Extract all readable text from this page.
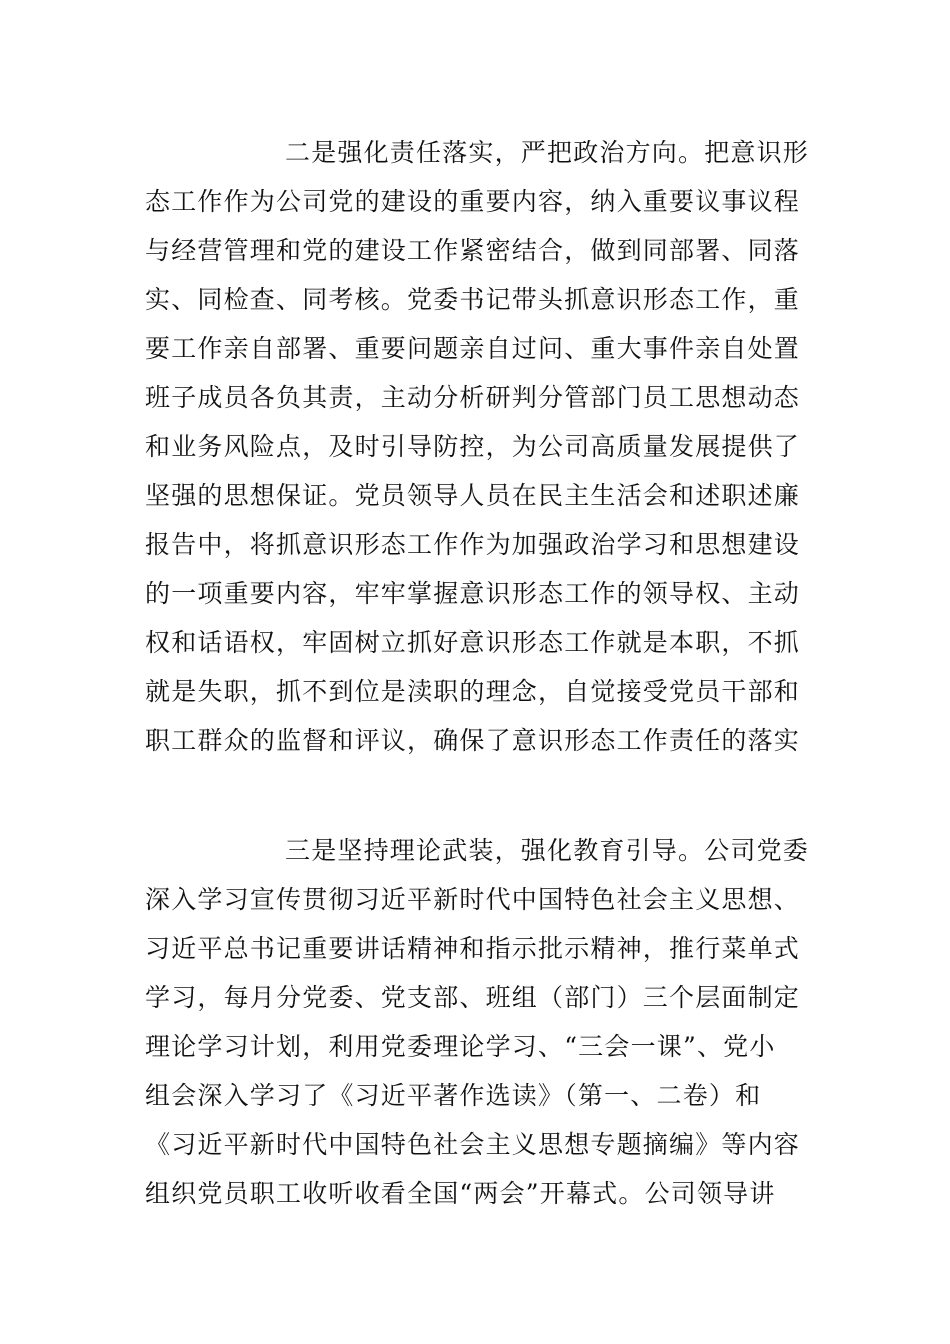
二是强化责任落实，严把政治方向。把意识形
态工作作为公司党的建设的重要内容，纳入重要议事议程
与经营管理和党的建设工作紧密结合，做到同部署、同落
实、同检查、同考核。党委书记带头抓意识形态工作，重
要工作亲自部署、重要问题亲自过问、重大事件亲自处置
班子成员各负其责，主动分析研判分管部门员工思想动态
和业务风险点，及时引导防控，为公司高质量发展提供了
坚强的思想保证。党员领导人员在民主生活会和述职述廉
报告中，将抓意识形态工作作为加强政治学习和思想建设
的一项重要内容，牢牢掌握意识形态工作的领导权、主动
权和话语权，牢固树立抓好意识形态工作就是本职，不抓
就是失职，抓不到位是渎职的理念，自觉接受党员干部和
职工群众的监督和评议，确保了意识形态工作责任的落实

三是坚持理论武装，强化教育引导。公司党委
深入学习宣传贯彻习近平新时代中国特色社会主义思想、
习近平总书记重要讲话精神和指示批示精神，推行菜单式
学习，每月分党委、党支部、班组（部门）三个层面制定
理论学习计划，利用党委理论学习、“三会一课”、党小
组会深入学习了《习近平著作选读》（第一、二卷）和
《习近平新时代中国特色社会主义思想专题摘编》等内容
组织党员职工收听收看全国“两会”开幕式。公司领导讲
